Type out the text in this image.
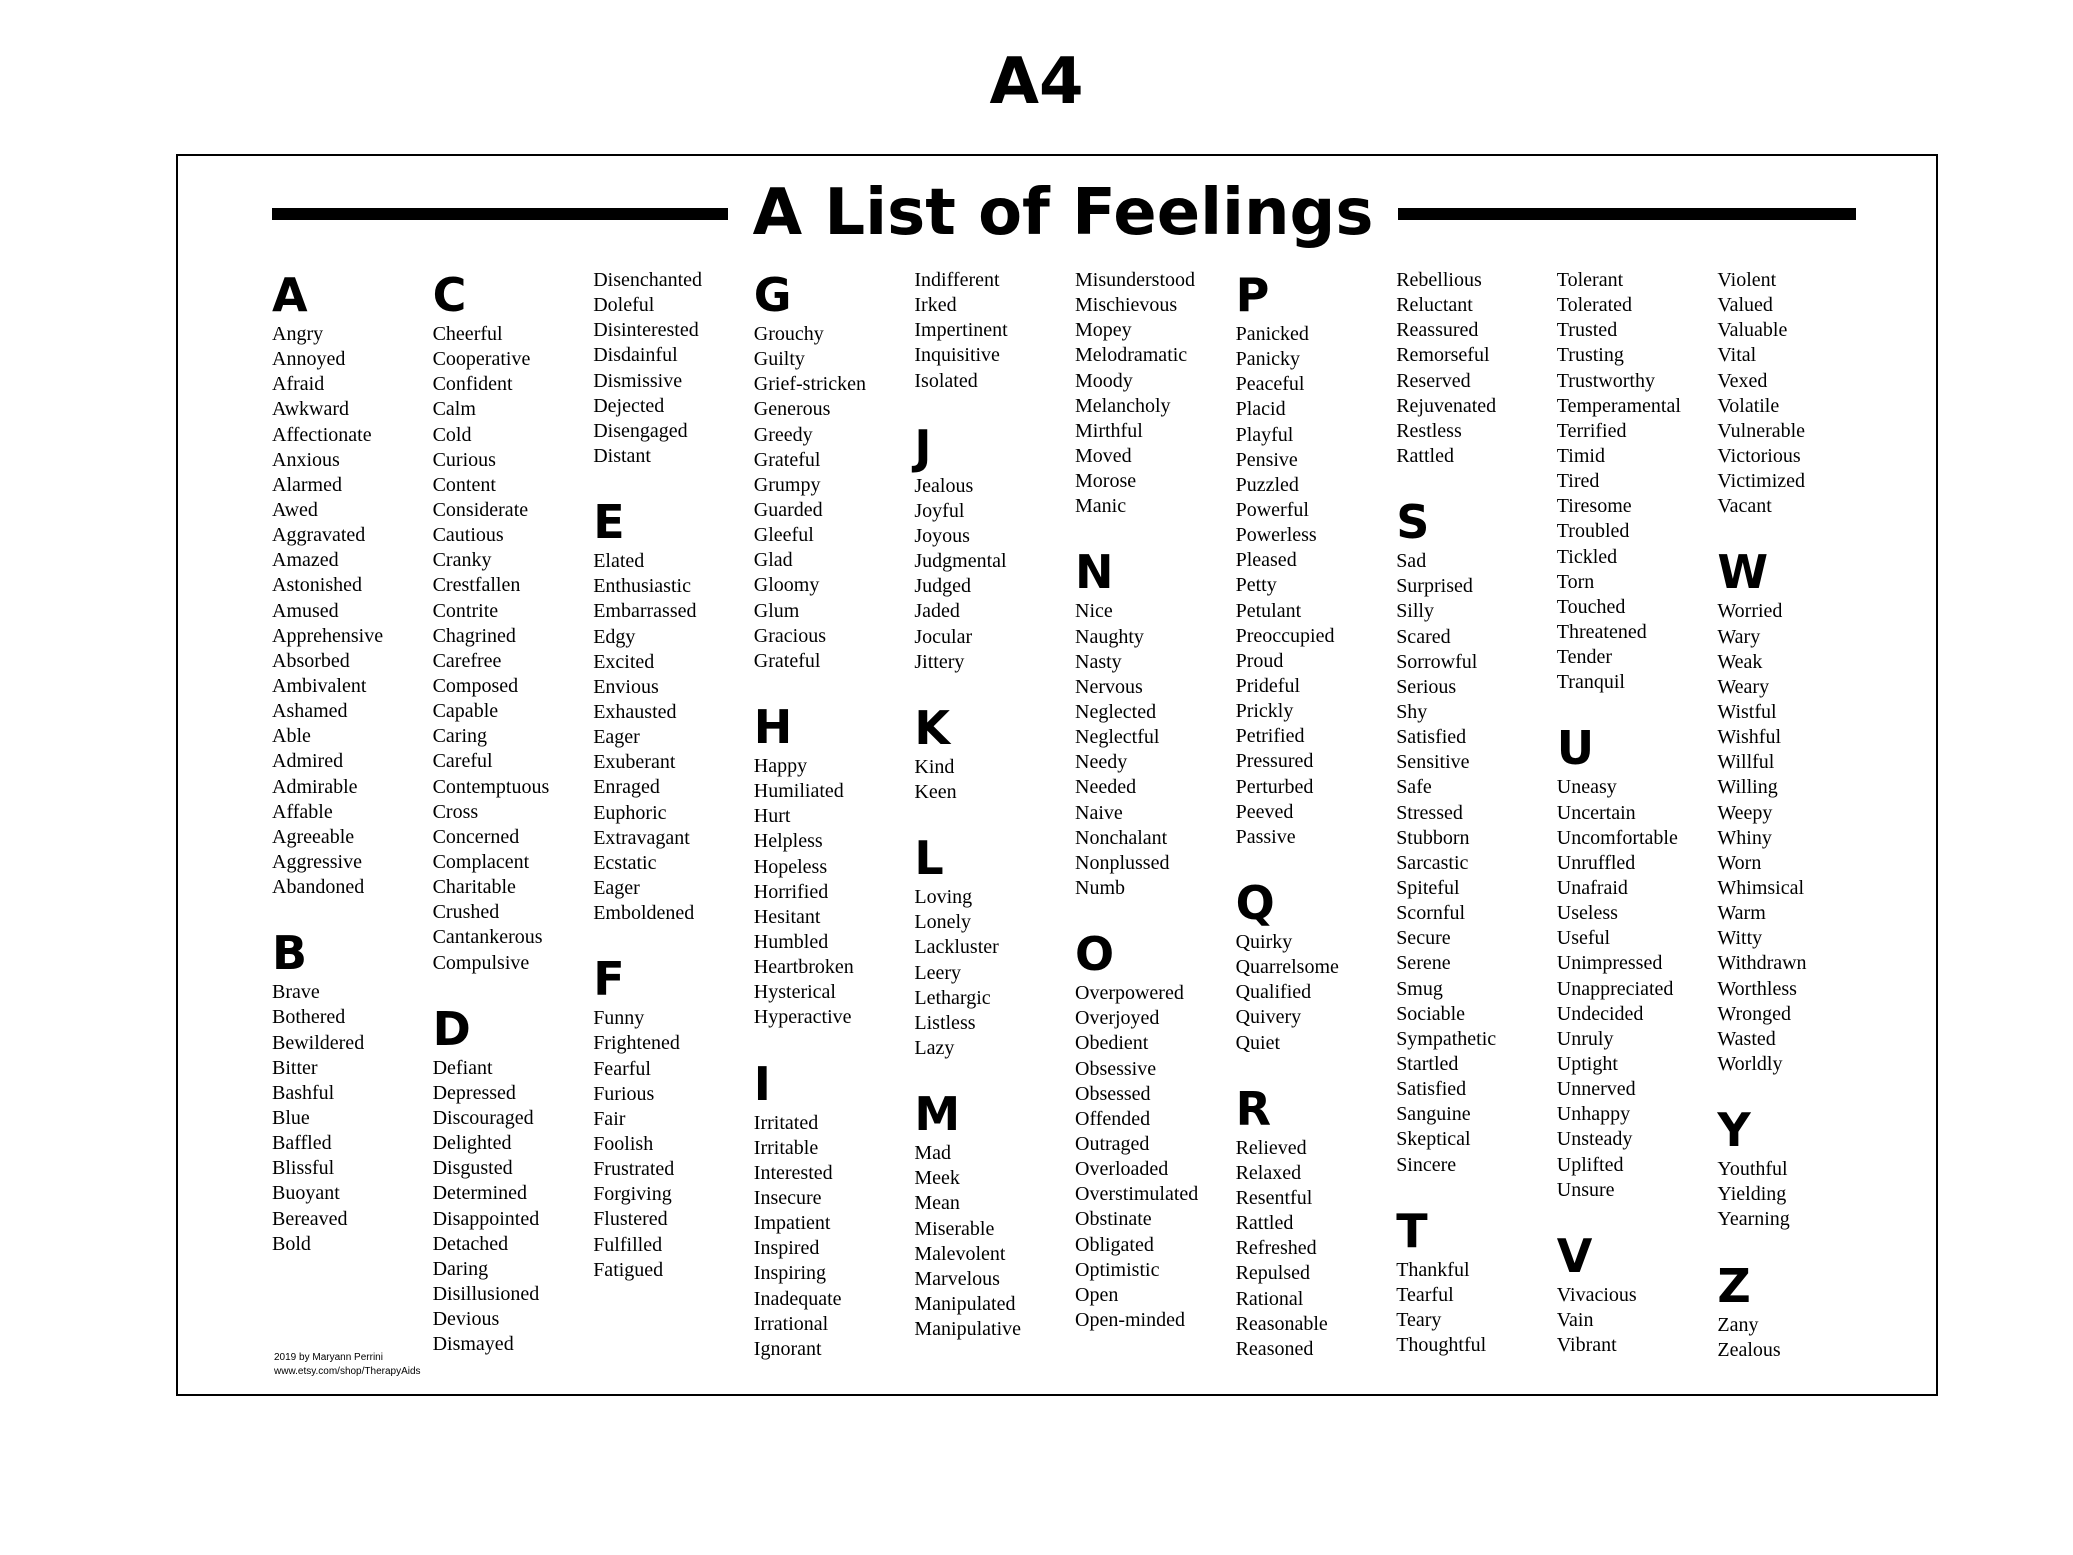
A4
A List of Feelings
A
Angry
Annoyed
Afraid
Awkward
Affectionate
Anxious
Alarmed
Awed
Aggravated
Amazed
Astonished
Amused
Apprehensive
Absorbed
Ambivalent
Ashamed
Able
Admired
Admirable
Affable
Agreeable
Aggressive
Abandoned
B
Brave
Bothered
Bewildered
Bitter
Bashful
Blue
Baffled
Blissful
Buoyant
Bereaved
Bold
C
Cheerful
Cooperative
Confident
Calm
Cold
Curious
Content
Considerate
Cautious
Cranky
Crestfallen
Contrite
Chagrined
Carefree
Composed
Capable
Caring
Careful
Contemptuous
Cross
Concerned
Complacent
Charitable
Crushed
Cantankerous
Compulsive
D
Defiant
Depressed
Discouraged
Delighted
Disgusted
Determined
Disappointed
Detached
Daring
Disillusioned
Devious
Dismayed
Disenchanted
Doleful
Disinterested
Disdainful
Dismissive
Dejected
Disengaged
Distant
E
Elated
Enthusiastic
Embarrassed
Edgy
Excited
Envious
Exhausted
Eager
Exuberant
Enraged
Euphoric
Extravagant
Ecstatic
Eager
Emboldened
F
Funny
Frightened
Fearful
Furious
Fair
Foolish
Frustrated
Forgiving
Flustered
Fulfilled
Fatigued
G
Grouchy
Guilty
Grief-stricken
Generous
Greedy
Grateful
Grumpy
Guarded
Gleeful
Glad
Gloomy
Glum
Gracious
Grateful
H
Happy
Humiliated
Hurt
Helpless
Hopeless
Horrified
Hesitant
Humbled
Heartbroken
Hysterical
Hyperactive
I
Irritated
Irritable
Interested
Insecure
Impatient
Inspired
Inspiring
Inadequate
Irrational
Ignorant
Indifferent
Irked
Impertinent
Inquisitive
Isolated
J
Jealous
Joyful
Joyous
Judgmental
Judged
Jaded
Jocular
Jittery
K
Kind
Keen
L
Loving
Lonely
Lackluster
Leery
Lethargic
Listless
Lazy
M
Mad
Meek
Mean
Miserable
Malevolent
Marvelous
Manipulated
Manipulative
Misunderstood
Mischievous
Mopey
Melodramatic
Moody
Melancholy
Mirthful
Moved
Morose
Manic
N
Nice
Naughty
Nasty
Nervous
Neglected
Neglectful
Needy
Needed
Naive
Nonchalant
Nonplussed
Numb
O
Overpowered
Overjoyed
Obedient
Obsessive
Obsessed
Offended
Outraged
Overloaded
Overstimulated
Obstinate
Obligated
Optimistic
Open
Open-minded
P
Panicked
Panicky
Peaceful
Placid
Playful
Pensive
Puzzled
Powerful
Powerless
Pleased
Petty
Petulant
Preoccupied
Proud
Prideful
Prickly
Petrified
Pressured
Perturbed
Peeved
Passive
Q
Quirky
Quarrelsome
Qualified
Quivery
Quiet
R
Relieved
Relaxed
Resentful
Rattled
Refreshed
Repulsed
Rational
Reasonable
Reasoned
Rebellious
Reluctant
Reassured
Remorseful
Reserved
Rejuvenated
Restless
Rattled
S
Sad
Surprised
Silly
Scared
Sorrowful
Serious
Shy
Satisfied
Sensitive
Safe
Stressed
Stubborn
Sarcastic
Spiteful
Scornful
Secure
Serene
Smug
Sociable
Sympathetic
Startled
Satisfied
Sanguine
Skeptical
Sincere
T
Thankful
Tearful
Teary
Thoughtful
Tolerant
Tolerated
Trusted
Trusting
Trustworthy
Temperamental
Terrified
Timid
Tired
Tiresome
Troubled
Tickled
Torn
Touched
Threatened
Tender
Tranquil
U
Uneasy
Uncertain
Uncomfortable
Unruffled
Unafraid
Useless
Useful
Unimpressed
Unappreciated
Undecided
Unruly
Uptight
Unnerved
Unhappy
Unsteady
Uplifted
Unsure
V
Vivacious
Vain
Vibrant
Violent
Valued
Valuable
Vital
Vexed
Volatile
Vulnerable
Victorious
Victimized
Vacant
W
Worried
Wary
Weak
Weary
Wistful
Wishful
Willful
Willing
Weepy
Whiny
Worn
Whimsical
Warm
Witty
Withdrawn
Worthless
Wronged
Wasted
Worldly
Y
Youthful
Yielding
Yearning
Z
Zany
Zealous
2019 by Maryann Perrini
www.etsy.com/shop/TherapyAids
